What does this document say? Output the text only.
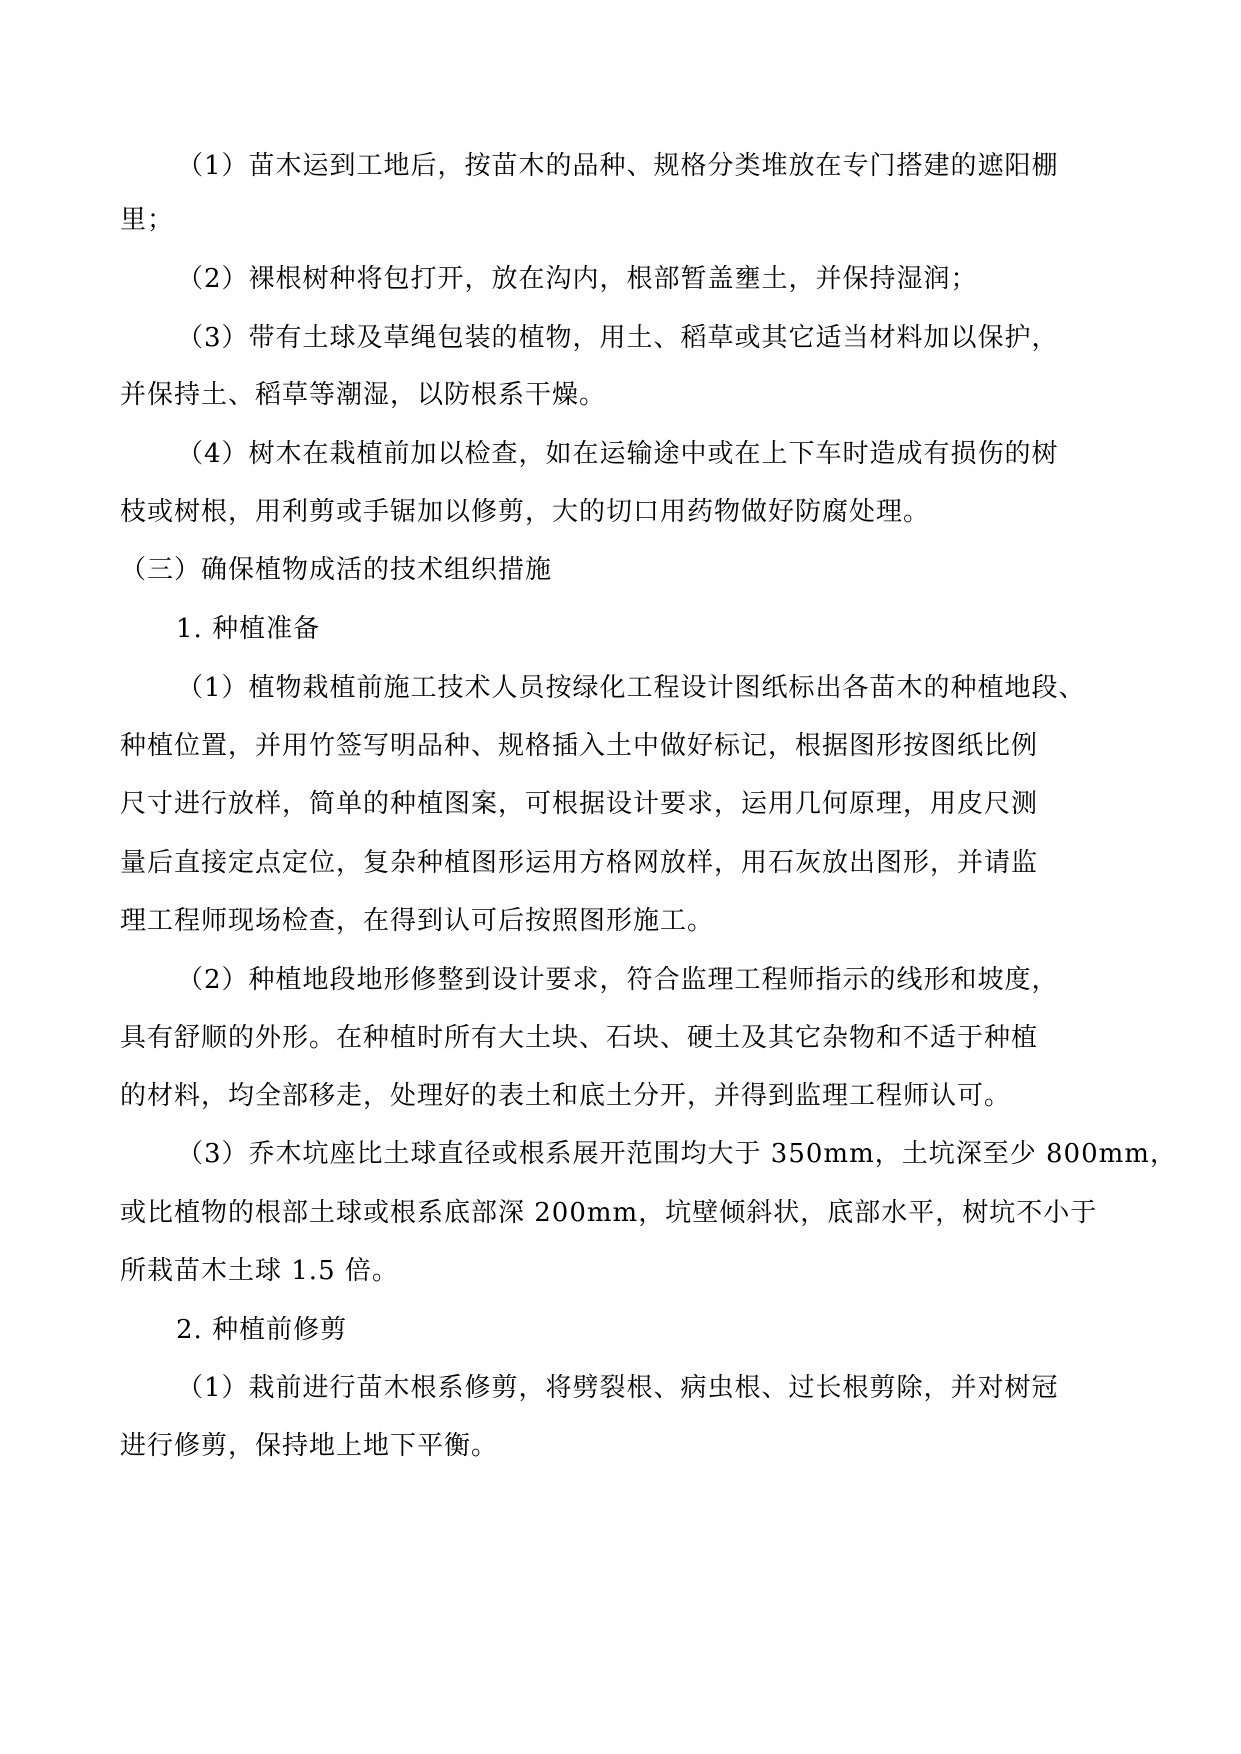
（1）苗木运到工地后，按苗木的品种、规格分类堆放在专门搭建的遮阳棚
里；
（2）裸根树种将包打开，放在沟内，根部暂盖壅土，并保持湿润；
（3）带有土球及草绳包装的植物，用土、稻草或其它适当材料加以保护，
并保持土、稻草等潮湿，以防根系干燥。
（4）树木在栽植前加以检查，如在运输途中或在上下车时造成有损伤的树
枝或树根，用利剪或手锯加以修剪，大的切口用药物做好防腐处理。
（三）确保植物成活的技术组织措施
1. 种植准备
（1）植物栽植前施工技术人员按绿化工程设计图纸标出各苗木的种植地段、
种植位置，并用竹签写明品种、规格插入土中做好标记，根据图形按图纸比例
尺寸进行放样，简单的种植图案，可根据设计要求，运用几何原理，用皮尺测
量后直接定点定位，复杂种植图形运用方格网放样，用石灰放出图形，并请监
理工程师现场检查，在得到认可后按照图形施工。
（2）种植地段地形修整到设计要求，符合监理工程师指示的线形和坡度，
具有舒顺的外形。在种植时所有大土块、石块、硬土及其它杂物和不适于种植
的材料，均全部移走，处理好的表土和底土分开，并得到监理工程师认可。
（3）乔木坑座比土球直径或根系展开范围均大于 350mm，土坑深至少 800mm，
或比植物的根部土球或根系底部深 200mm，坑壁倾斜状，底部水平，树坑不小于
所栽苗木土球 1.5 倍。
2. 种植前修剪
（1）栽前进行苗木根系修剪，将劈裂根、病虫根、过长根剪除，并对树冠
进行修剪，保持地上地下平衡。
